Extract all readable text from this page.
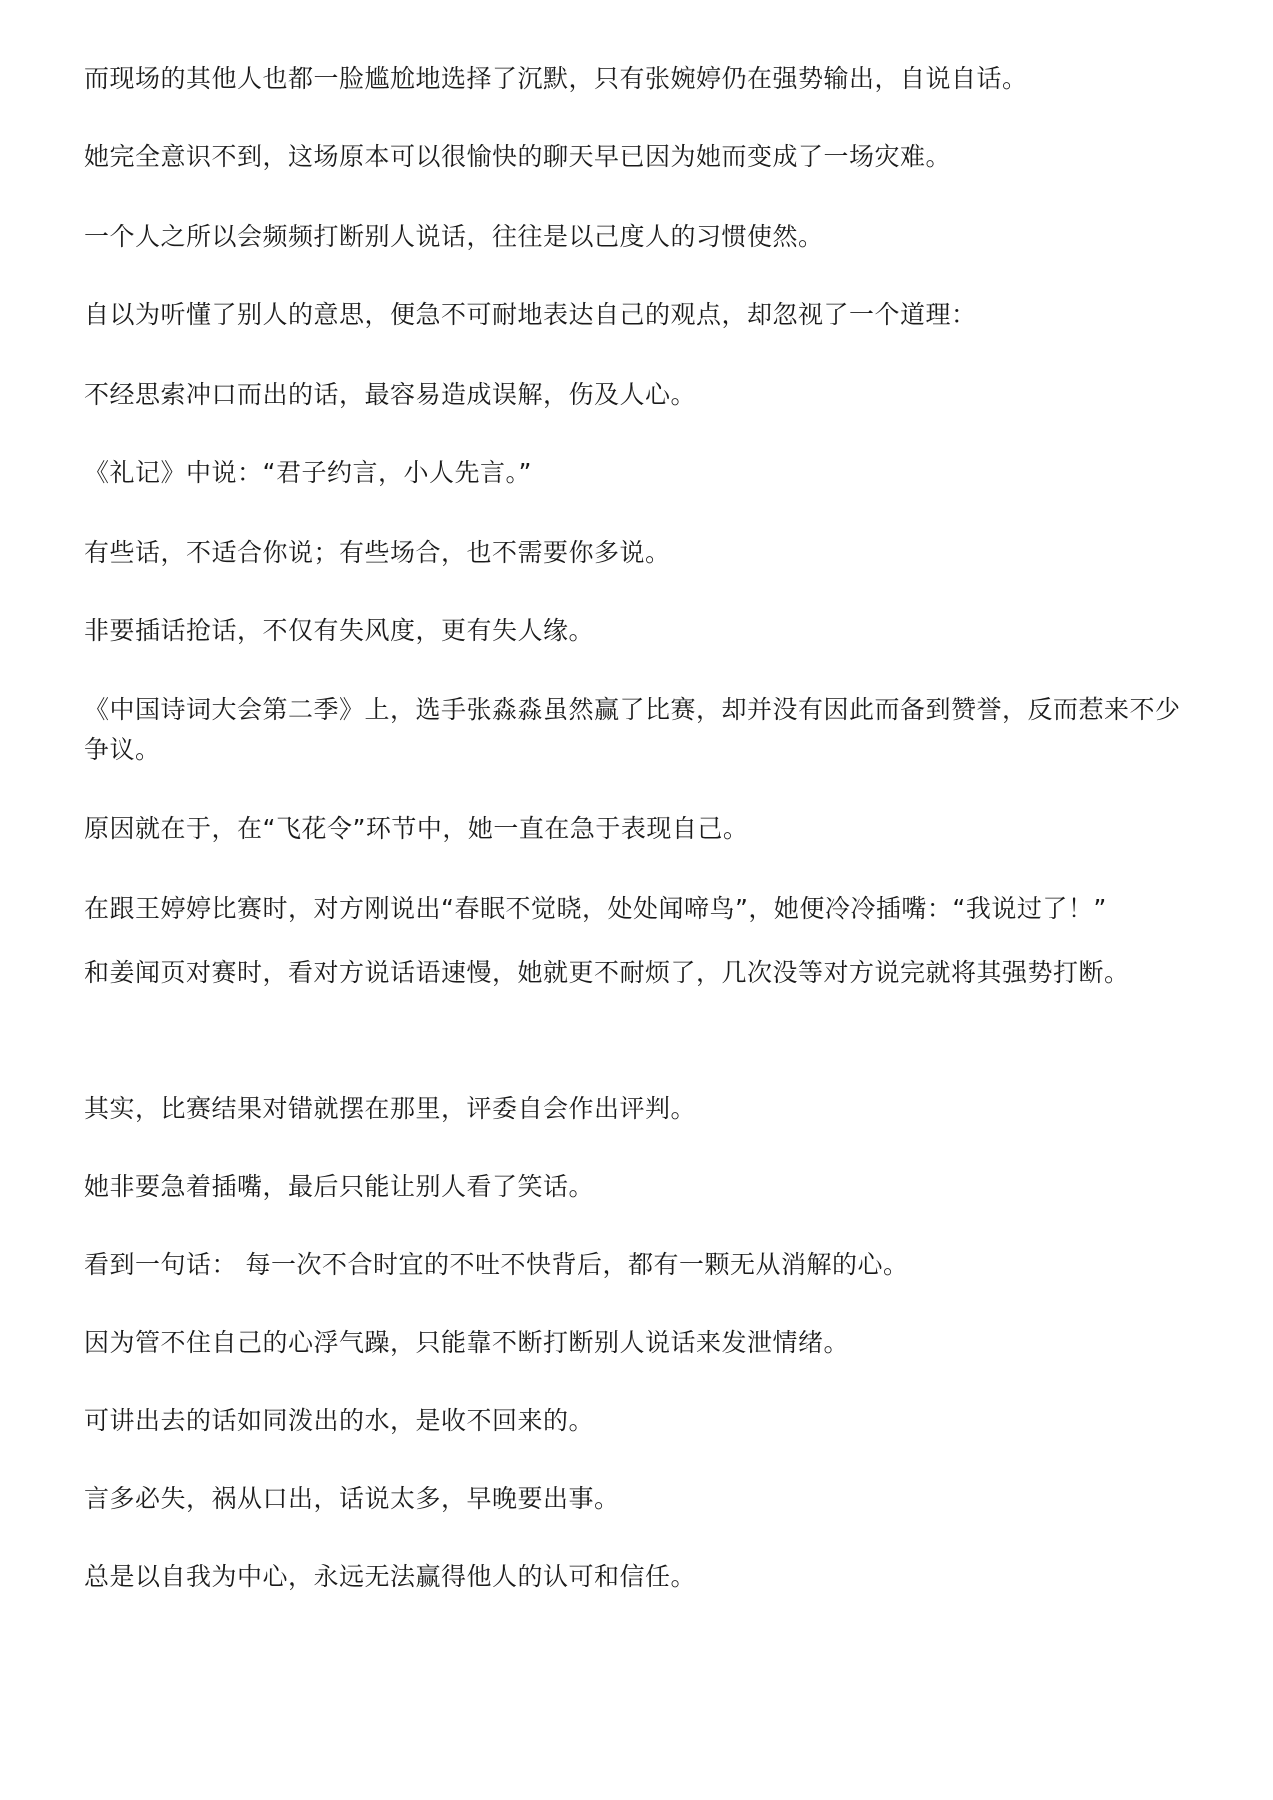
而现场的其他人也都一脸尴尬地选择了沉默，只有张婉婷仍在强势输出，自说自话。

她完全意识不到，这场原本可以很愉快的聊天早已因为她而变成了一场灾难。

一个人之所以会频频打断别人说话，往往是以己度人的习惯使然。

自以为听懂了别人的意思，便急不可耐地表达自己的观点，却忽视了一个道理：

不经思索冲口而出的话，最容易造成误解，伤及人心。

《礼记》中说：“君子约言，小人先言。”

有些话，不适合你说；有些场合，也不需要你多说。

非要插话抢话，不仅有失风度，更有失人缘。

《中国诗词大会第二季》上，选手张淼淼虽然赢了比赛，却并没有因此而备到赞誉，反而惹来不少争议。

原因就在于，在“飞花令”环节中，她一直在急于表现自己。

在跟王婷婷比赛时，对方刚说出“春眠不觉晓，处处闻啼鸟”，她便冷冷插嘴：“我说过了！”

和姜闻页对赛时，看对方说话语速慢，她就更不耐烦了，几次没等对方说完就将其强势打断。

其实，比赛结果对错就摆在那里，评委自会作出评判。

她非要急着插嘴，最后只能让别人看了笑话。

看到一句话： 每一次不合时宜的不吐不快背后，都有一颗无从消解的心。

因为管不住自己的心浮气躁，只能靠不断打断别人说话来发泄情绪。

可讲出去的话如同泼出的水，是收不回来的。

言多必失，祸从口出，话说太多，早晚要出事。

总是以自我为中心，永远无法赢得他人的认可和信任。
